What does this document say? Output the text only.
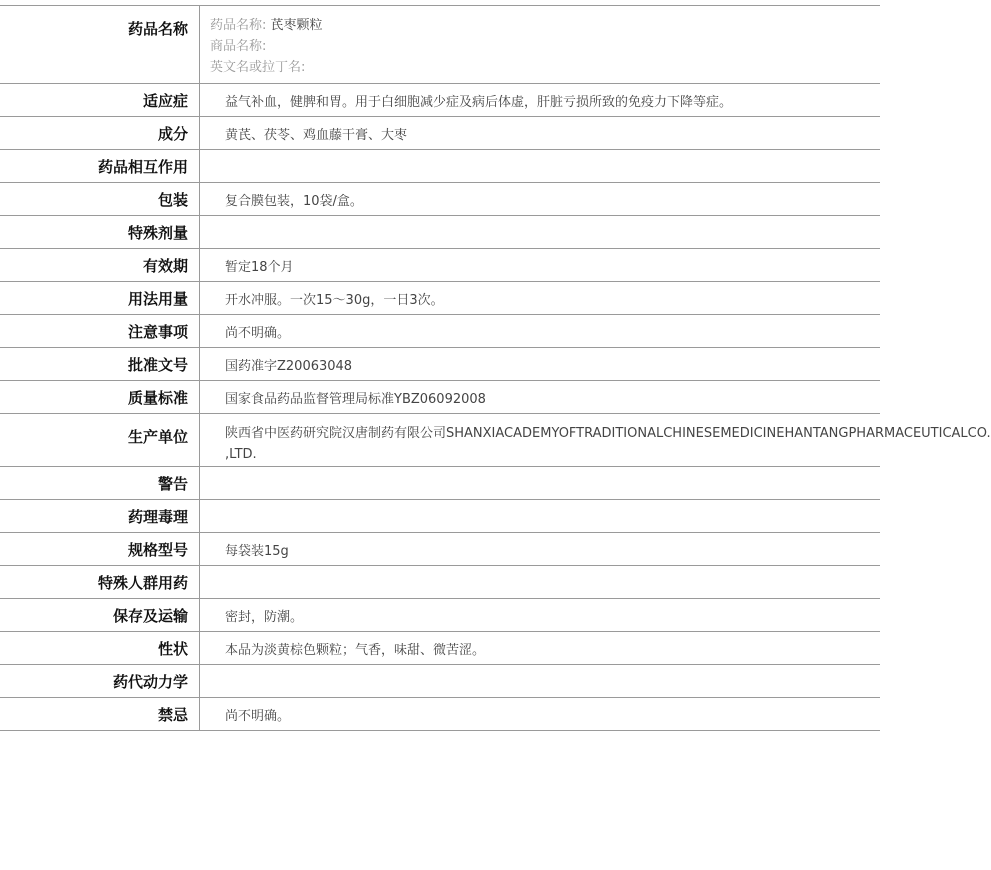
药品名称	药品名称: 芪枣颗粒
商品名称:
英文名或拉丁名:
适应症	益气补血，健脾和胃。用于白细胞减少症及病后体虚，肝脏亏损所致的免疫力下降等症。
成分	黄芪、茯苓、鸡血藤干膏、大枣
药品相互作用
包装	复合膜包装，10袋/盒。
特殊剂量
有效期	暂定18个月
用法用量	开水冲服。一次15～30g，一日3次。
注意事项	尚不明确。
批准文号	国药准字Z20063048
质量标准	国家食品药品监督管理局标准YBZ06092008
生产单位	陕西省中医药研究院汉唐制药有限公司SHANXIACADEMYOFTRADITIONALCHINESEMEDICINEHANTANGPHARMACEUTICALCO.
,LTD.
警告
药理毒理
规格型号	每袋装15g
特殊人群用药
保存及运输	密封，防潮。
性状	本品为淡黄棕色颗粒；气香，味甜、微苦涩。
药代动力学
禁忌	尚不明确。
